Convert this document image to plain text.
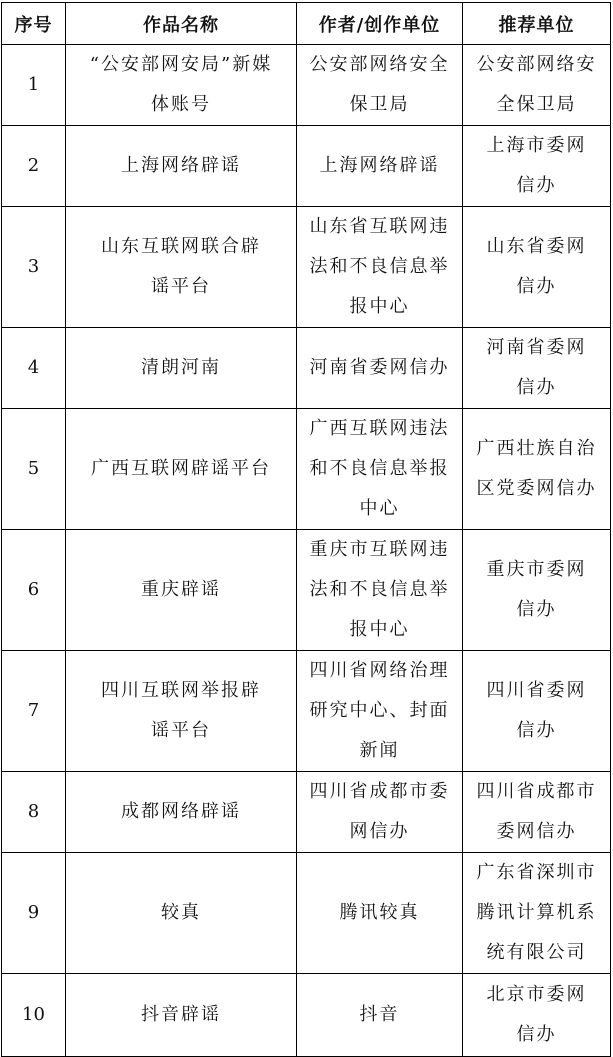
序号	作品名称	作者/创作单位	推荐单位
1	“公安部网安局”新媒体账号	公安部网络安全保卫局	公安部网络安全保卫局
2	上海网络辟谣	上海网络辟谣	上海市委网信办
3	山东互联网联合辟谣平台	山东省互联网违法和不良信息举报中心	山东省委网信办
4	清朗河南	河南省委网信办	河南省委网信办
5	广西互联网辟谣平台	广西互联网违法和不良信息举报中心	广西壮族自治区党委网信办
6	重庆辟谣	重庆市互联网违法和不良信息举报中心	重庆市委网信办
7	四川互联网举报辟谣平台	四川省网络治理研究中心、封面新闻	四川省委网信办
8	成都网络辟谣	四川省成都市委网信办	四川省成都市委网信办
9	较真	腾讯较真	广东省深圳市腾讯计算机系统有限公司
10	抖音辟谣	抖音	北京市委网信办
